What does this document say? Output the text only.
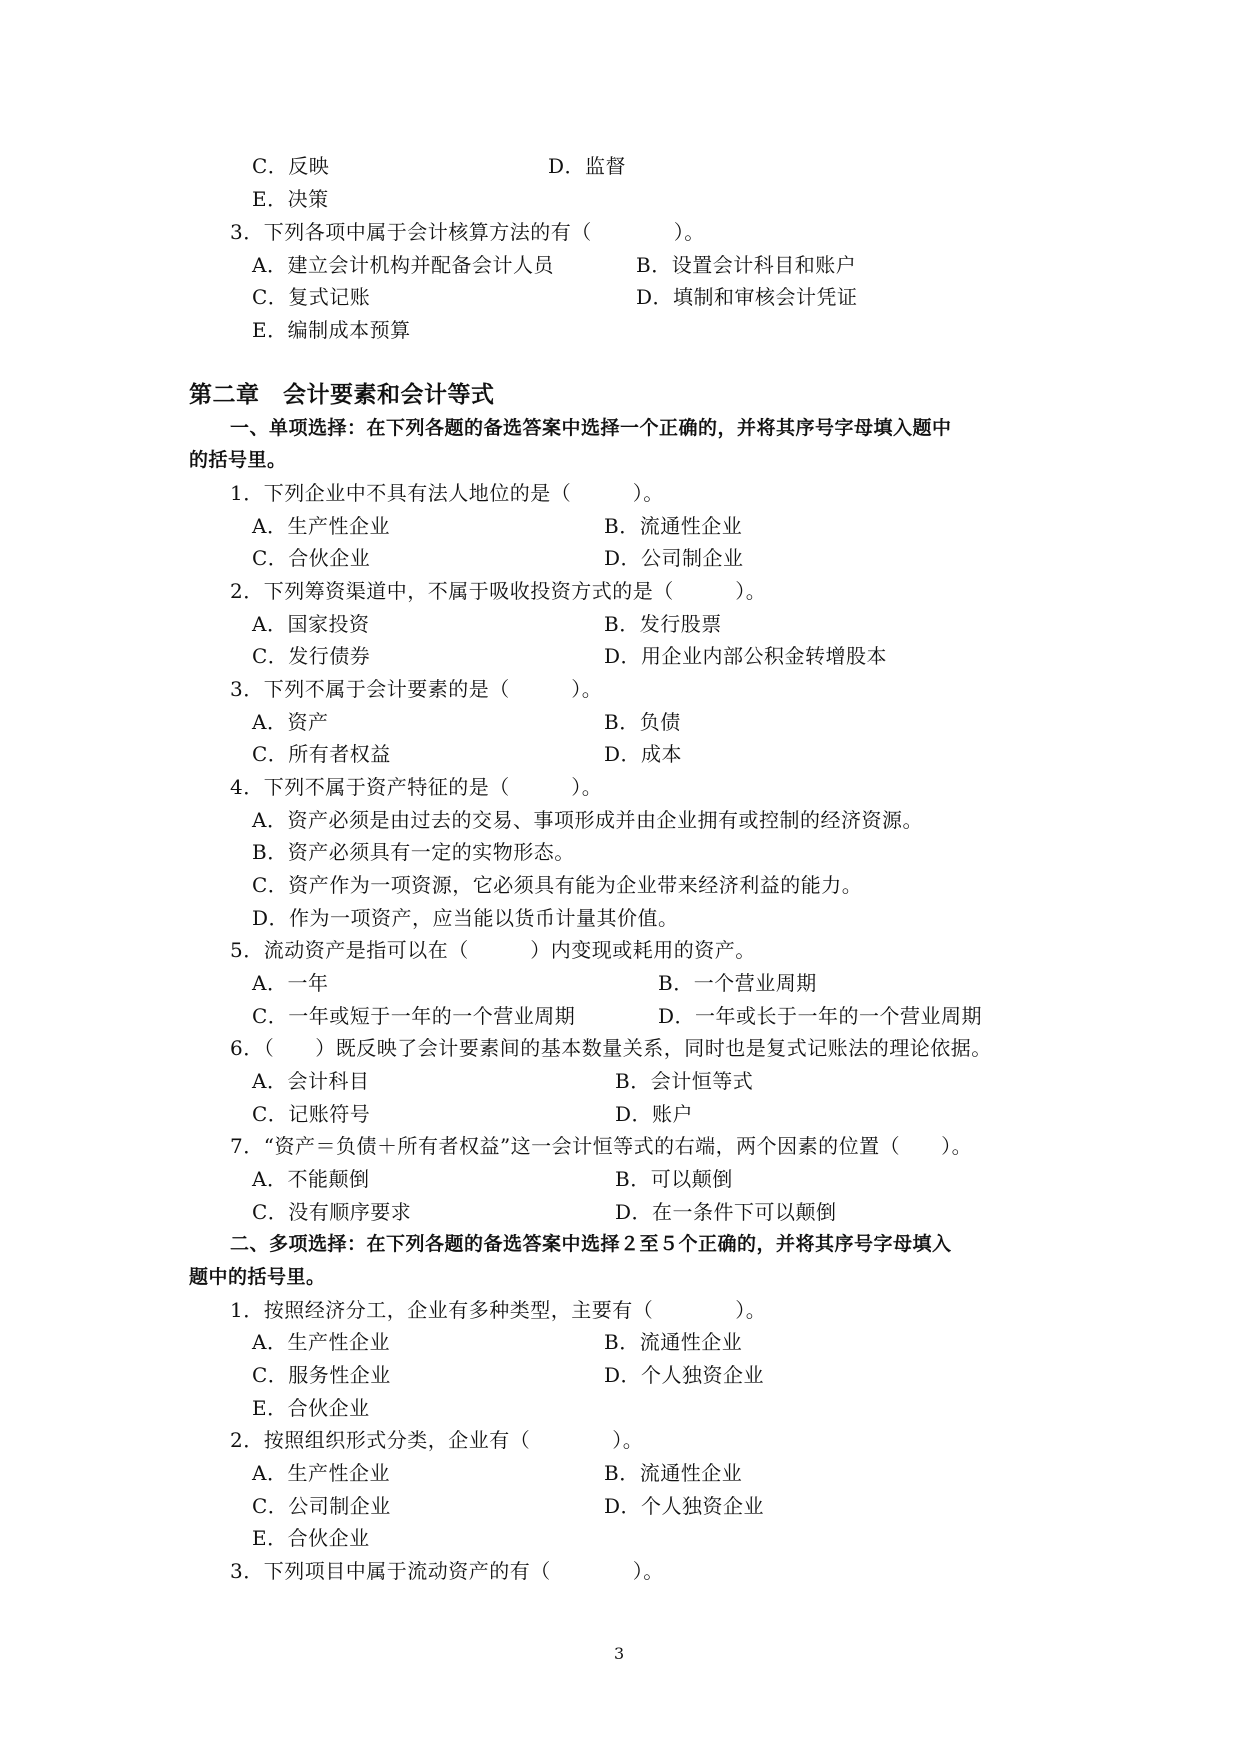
C．反映	D．监督
E．决策
3．下列各项中属于会计核算方法的有（　　　　）。
A．建立会计机构并配备会计人员	B．设置会计科目和账户
C．复式记账	D．填制和审核会计凭证
E．编制成本预算
第二章　会计要素和会计等式
一、单项选择：在下列各题的备选答案中选择一个正确的，并将其序号字母填入题中
的括号里。
1．下列企业中不具有法人地位的是（　　　）。
A．生产性企业	B．流通性企业
C．合伙企业	D．公司制企业
2．下列筹资渠道中，不属于吸收投资方式的是（　　　）。
A．国家投资	B．发行股票
C．发行债券	D．用企业内部公积金转增股本
3．下列不属于会计要素的是（　　　）。
A．资产	B．负债
C．所有者权益	D．成本
4．下列不属于资产特征的是（　　　）。
A．资产必须是由过去的交易、事项形成并由企业拥有或控制的经济资源。
B．资产必须具有一定的实物形态。
C．资产作为一项资源，它必须具有能为企业带来经济利益的能力。
D．作为一项资产，应当能以货币计量其价值。
5．流动资产是指可以在（　　　）内变现或耗用的资产。
A．一年	B．一个营业周期
C．一年或短于一年的一个营业周期	D．一年或长于一年的一个营业周期
6．（　　）既反映了会计要素间的基本数量关系，同时也是复式记账法的理论依据。
A．会计科目	B．会计恒等式
C．记账符号	D．账户
7．“资产＝负债＋所有者权益”这一会计恒等式的右端，两个因素的位置（　　）。
A．不能颠倒	B．可以颠倒
C．没有顺序要求	D．在一条件下可以颠倒
二、多项选择：在下列各题的备选答案中选择２至５个正确的，并将其序号字母填入
题中的括号里。
1．按照经济分工，企业有多种类型，主要有（　　　　）。
A．生产性企业	B．流通性企业
C．服务性企业	D．个人独资企业
E．合伙企业
2．按照组织形式分类，企业有（　　　　）。
A．生产性企业	B．流通性企业
C．公司制企业	D．个人独资企业
E．合伙企业
3．下列项目中属于流动资产的有（　　　　）。
3
